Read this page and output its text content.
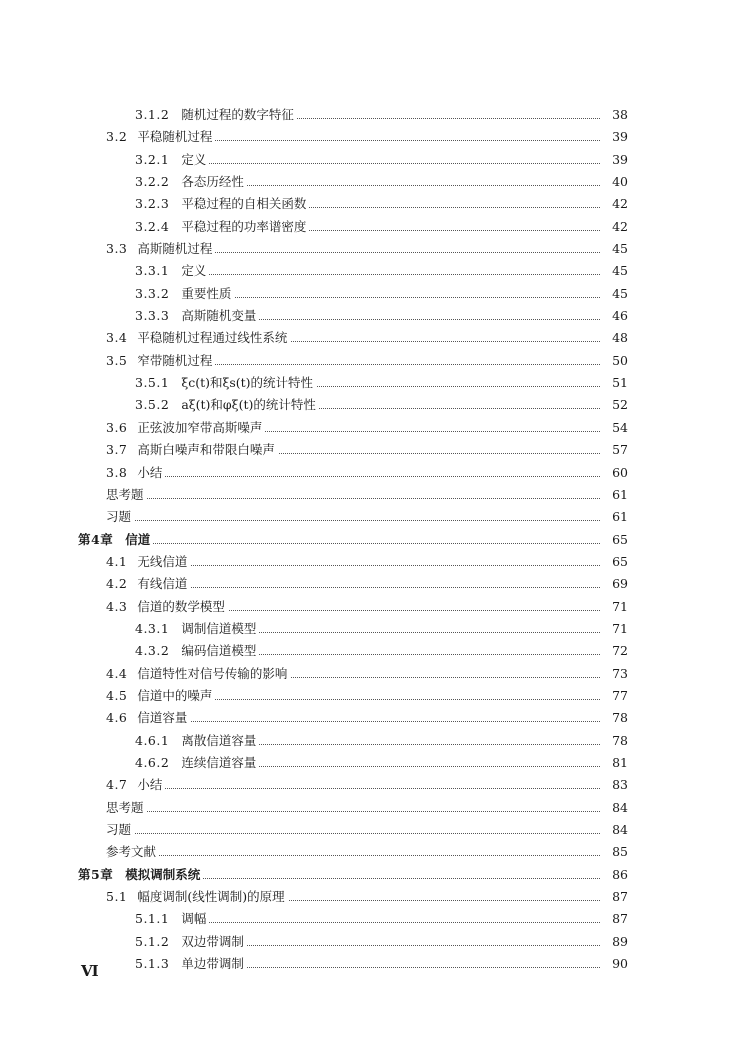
3.1.2 随机过程的数字特征	38
3.2 平稳随机过程	39
3.2.1 定义	39
3.2.2 各态历经性	40
3.2.3 平稳过程的自相关函数	42
3.2.4 平稳过程的功率谱密度	42
3.3 高斯随机过程	45
3.3.1 定义	45
3.3.2 重要性质	45
3.3.3 高斯随机变量	46
3.4 平稳随机过程通过线性系统	48
3.5 窄带随机过程	50
3.5.1 ξc(t)和ξs(t)的统计特性	51
3.5.2 aξ(t)和φξ(t)的统计特性	52
3.6 正弦波加窄带高斯噪声	54
3.7 高斯白噪声和带限白噪声	57
3.8 小结	60
思考题	61
习题	61
第4章 信道	65
4.1 无线信道	65
4.2 有线信道	69
4.3 信道的数学模型	71
4.3.1 调制信道模型	71
4.3.2 编码信道模型	72
4.4 信道特性对信号传输的影响	73
4.5 信道中的噪声	77
4.6 信道容量	78
4.6.1 离散信道容量	78
4.6.2 连续信道容量	81
4.7 小结	83
思考题	84
习题	84
参考文献	85
第5章 模拟调制系统	86
5.1 幅度调制(线性调制)的原理	87
5.1.1 调幅	87
5.1.2 双边带调制	89
5.1.3 单边带调制	90
VI
